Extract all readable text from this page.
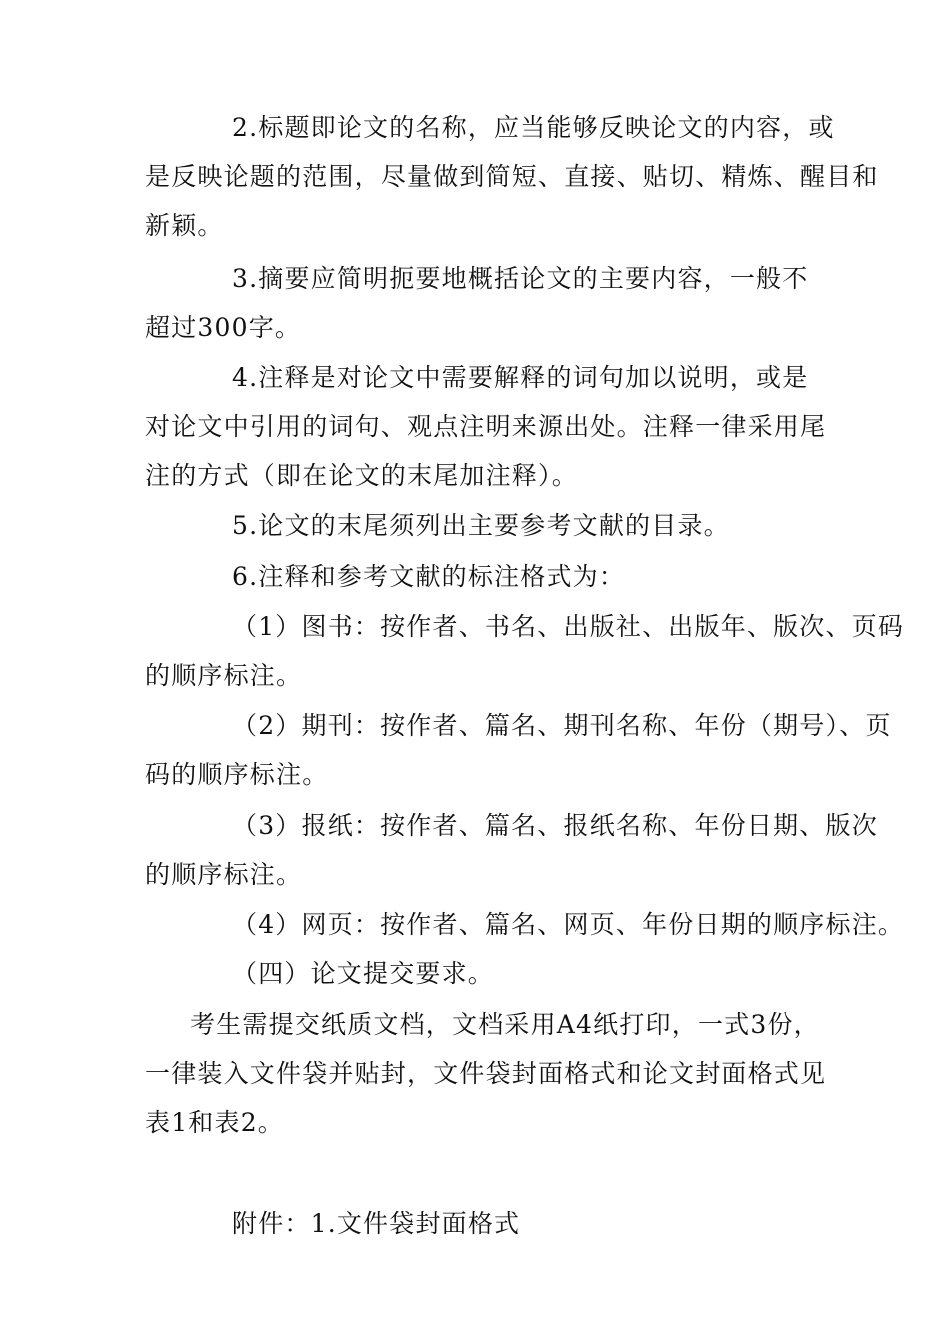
2.标题即论文的名称，应当能够反映论文的内容，或
是反映论题的范围，尽量做到简短、直接、贴切、精炼、醒目和
新颖。
3.摘要应简明扼要地概括论文的主要内容，一般不
超过300字。
4.注释是对论文中需要解释的词句加以说明，或是
对论文中引用的词句、观点注明来源出处。注释一律采用尾
注的方式（即在论文的末尾加注释）。
5.论文的末尾须列出主要参考文献的目录。
6.注释和参考文献的标注格式为：
（1）图书：按作者、书名、出版社、出版年、版次、页码
的顺序标注。
（2）期刊：按作者、篇名、期刊名称、年份（期号）、页
码的顺序标注。
（3）报纸：按作者、篇名、报纸名称、年份日期、版次
的顺序标注。
（4）网页：按作者、篇名、网页、年份日期的顺序标注。
（四）论文提交要求。
考生需提交纸质文档，文档采用A4纸打印，一式3份，
一律装入文件袋并贴封，文件袋封面格式和论文封面格式见
表1和表2。
附件：1.文件袋封面格式
